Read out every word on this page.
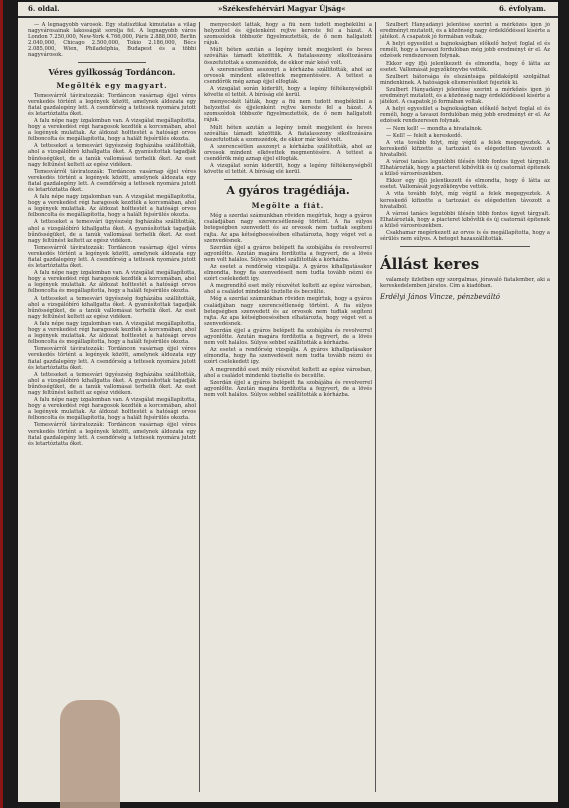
6. oldal.	»Székesfehérvári Magyar Újság«	6. évfolyam.

— A legnagyobb városok. Egy statisztikai kimutatás a világ nagyvárosainak lakosságát sorolja fel. A legnagyobb város London 7.250,000, New-York 4.766,000, Páris 2.888,000, Berlin 2.040,000, Chicago 2.500,000, Tokio 2.186,000, Bécs 2.085,000, Wien, Philadelphia, Budapest és a többi nagyvárosok.

Véres gyilkosság Tordáncon.
Megölték egy magyart.

Temesvárról táviratozzák: Tordáncon vasárnap éjjel véres verekedés történt a legények között, amelynek áldozata egy fiatal gazdalegény lett. A csendőrség a tettesek nyomára jutott és letartóztatta őket.

A falu népe nagy izgalomban van. A vizsgálat megállapította, hogy a verekedést régi haragosok kezdték a korcsmában, ahol a legények mulattak. Az áldozat holttestét a hatósági orvos felboncolta és megállapította, hogy a halált fejsérülés okozta.

A tetteseket a temesvári ügyészség fogházába szállították, ahol a vizsgálóbíró kihallgatta őket. A gyanúsítottak tagadják bűnösségüket, de a tanúk vallomásai terhelik őket. Az eset nagy feltűnést keltett az egész vidéken.

Temesvárról táviratozzák: Tordáncon vasárnap éjjel véres verekedés történt a legények között, amelynek áldozata egy fiatal gazdalegény lett. A csendőrség a tettesek nyomára jutott és letartóztatta őket.

A falu népe nagy izgalomban van. A vizsgálat megállapította, hogy a verekedést régi haragosok kezdték a korcsmában, ahol a legények mulattak. Az áldozat holttestét a hatósági orvos felboncolta és megállapította, hogy a halált fejsérülés okozta.

A tetteseket a temesvári ügyészség fogházába szállították, ahol a vizsgálóbíró kihallgatta őket. A gyanúsítottak tagadják bűnösségüket, de a tanúk vallomásai terhelik őket. Az eset nagy feltűnést keltett az egész vidéken.

Temesvárról táviratozzák: Tordáncon vasárnap éjjel véres verekedés történt a legények között, amelynek áldozata egy fiatal gazdalegény lett. A csendőrség a tettesek nyomára jutott és letartóztatta őket.

A falu népe nagy izgalomban van. A vizsgálat megállapította, hogy a verekedést régi haragosok kezdték a korcsmában, ahol a legények mulattak. Az áldozat holttestét a hatósági orvos felboncolta és megállapította, hogy a halált fejsérülés okozta.

A tetteseket a temesvári ügyészség fogházába szállították, ahol a vizsgálóbíró kihallgatta őket. A gyanúsítottak tagadják bűnösségüket, de a tanúk vallomásai terhelik őket. Az eset nagy feltűnést keltett az egész vidéken.

A falu népe nagy izgalomban van. A vizsgálat megállapította, hogy a verekedést régi haragosok kezdték a korcsmában, ahol a legények mulattak. Az áldozat holttestét a hatósági orvos felboncolta és megállapította, hogy a halált fejsérülés okozta.

Temesvárról táviratozzák: Tordáncon vasárnap éjjel véres verekedés történt a legények között, amelynek áldozata egy fiatal gazdalegény lett. A csendőrség a tettesek nyomára jutott és letartóztatta őket.

A tetteseket a temesvári ügyészség fogházába szállították, ahol a vizsgálóbíró kihallgatta őket. A gyanúsítottak tagadják bűnösségüket, de a tanúk vallomásai terhelik őket. Az eset nagy feltűnést keltett az egész vidéken.

A falu népe nagy izgalomban van. A vizsgálat megállapította, hogy a verekedést régi haragosok kezdték a korcsmában, ahol a legények mulattak. Az áldozat holttestét a hatósági orvos felboncolta és megállapította, hogy a halált fejsérülés okozta.

Temesvárról táviratozzák: Tordáncon vasárnap éjjel véres verekedés történt a legények között, amelynek áldozata egy fiatal gazdalegény lett. A csendőrség a tettesek nyomára jutott és letartóztatta őket.

menyecskét látták, hogy a fiú nem tudott megbékülni a helyzettel és éjjelenként rejtve kereste fel a házat. A szomszédok többször figyelmeztették, de ő nem hallgatott rájuk.

Múlt héten azután a legény ismét megjelent és heves szóváltás támadt közöttük. A fiatalasszony sikoltozására összefutottak a szomszédok, de ekkor már késő volt.

A szerencsétlen asszonyt a kórházba szállították, ahol az orvosok mindent elkövettek megmentésére. A tettest a csendőrök még aznap éjjel elfogták.

A vizsgálat során kiderült, hogy a legény féltékenységből követte el tettét. A bíróság elé kerül.

menyecskét látták, hogy a fiú nem tudott megbékülni a helyzettel és éjjelenként rejtve kereste fel a házat. A szomszédok többször figyelmeztették, de ő nem hallgatott rájuk.

Múlt héten azután a legény ismét megjelent és heves szóváltás támadt közöttük. A fiatalasszony sikoltozására összefutottak a szomszédok, de ekkor már késő volt.

A szerencsétlen asszonyt a kórházba szállították, ahol az orvosok mindent elkövettek megmentésére. A tettest a csendőrök még aznap éjjel elfogták.

A vizsgálat során kiderült, hogy a legény féltékenységből követte el tettét. A bíróság elé kerül.

A gyáros tragédiája.
Megölte a fiát.

Még a szerdai számunkban röviden megírtuk, hogy a gyáros családjában nagy szerencsétlenség történt. A fia súlyos betegségben szenvedett és az orvosok nem tudtak segíteni rajta. Az apa kétségbeesésében elhatározta, hogy véget vet a szenvedésnek.

Szerdán éjjel a gyáros belépett fia szobájába és revolverrel agyonlőtte. Azután magára fordította a fegyvert, de a lövés nem volt halálos. Súlyos sebbel szállították a kórházba.

Az esetet a rendőrség vizsgálja. A gyáros kihallgatásakor elmondta, hogy fia szenvedéseit nem tudta tovább nézni és ezért cselekedett így.

A megrendítő eset mély részvétet keltett az egész városban, ahol a családot mindenki tisztelte és becsülte.

Még a szerdai számunkban röviden megírtuk, hogy a gyáros családjában nagy szerencsétlenség történt. A fia súlyos betegségben szenvedett és az orvosok nem tudtak segíteni rajta. Az apa kétségbeesésében elhatározta, hogy véget vet a szenvedésnek.

Szerdán éjjel a gyáros belépett fia szobájába és revolverrel agyonlőtte. Azután magára fordította a fegyvert, de a lövés nem volt halálos. Súlyos sebbel szállították a kórházba.

Az esetet a rendőrség vizsgálja. A gyáros kihallgatásakor elmondta, hogy fia szenvedéseit nem tudta tovább nézni és ezért cselekedett így.

A megrendítő eset mély részvétet keltett az egész városban, ahol a családot mindenki tisztelte és becsülte.

Szerdán éjjel a gyáros belépett fia szobájába és revolverrel agyonlőtte. Azután magára fordította a fegyvert, de a lövés nem volt halálos. Súlyos sebbel szállították a kórházba.

Szulbert Hányadányi jelentése szerint a mérkőzés igen jó eredményt mutatott, és a közönség nagy érdeklődéssel kísérte a játékot. A csapatok jó formában voltak.

A helyi egyesület a bajnokságban előkelő helyet foglal el és reméli, hogy a tavaszi fordulóban még jobb eredményt ér el. Az edzések rendszeresen folynak.

Ekkor egy ifjú jelentkezett és elmondta, hogy ő látta az esetet. Vallomását jegyzőkönyvbe vették.

Szulbert bátorsága és elszántsága példaképül szolgálhat mindenkinek. A hatóságok elismerésüket fejezték ki.

Szulbert Hányadányi jelentése szerint a mérkőzés igen jó eredményt mutatott, és a közönség nagy érdeklődéssel kísérte a játékot. A csapatok jó formában voltak.

A helyi egyesület a bajnokságban előkelő helyet foglal el és reméli, hogy a tavaszi fordulóban még jobb eredményt ér el. Az edzések rendszeresen folynak.

— Nem kell! — mondta a hivatalnok.

— Kell! — felelt a kereskedő.

A vita tovább folyt, míg végül a felek megegyeztek. A kereskedő kifizette a tartozást és elégedetten távozott a hivatalból.

A városi tanács legutóbbi ülésén több fontos ügyet tárgyalt. Elhatározták, hogy a piacteret kibővítik és új csatornát építenek a külső városrészekben.

Ekkor egy ifjú jelentkezett és elmondta, hogy ő látta az esetet. Vallomását jegyzőkönyvbe vették.

A vita tovább folyt, míg végül a felek megegyeztek. A kereskedő kifizette a tartozást és elégedetten távozott a hivatalból.

A városi tanács legutóbbi ülésén több fontos ügyet tárgyalt. Elhatározták, hogy a piacteret kibővítik és új csatornát építenek a külső városrészekben.

Csakhamar megérkezett az orvos is és megállapította, hogy a sérülés nem súlyos. A beteget hazaszállították.

Állást keres

valamely üzletben egy szorgalmas, jóravaló fiatalember, aki a kereskedelemben járatos. Cím a kiadóban.

Erdélyi János Vincze, pénzbeváltó
